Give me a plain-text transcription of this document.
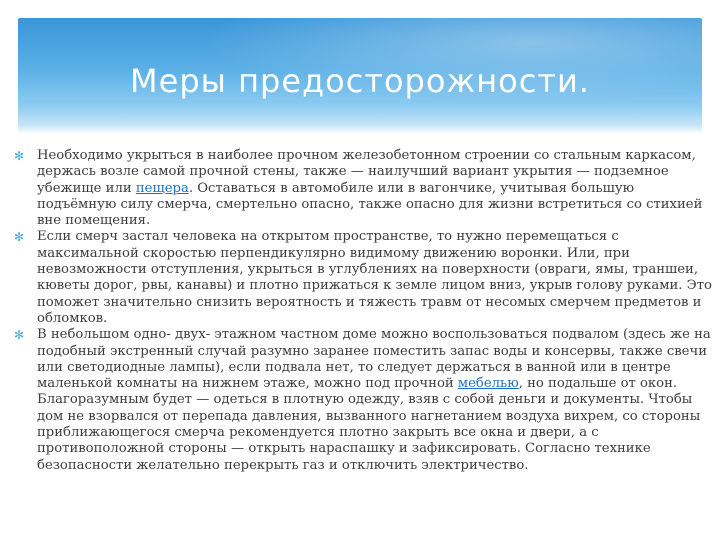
Меры предосторожности.
✻ Необходимо укрыться в наиболее прочном железобетонном строении со стальным каркасом, держась возле самой прочной стены, также — наилучший вариант укрытия — подземное убежище или пещера. Оставаться в автомобиле или в вагончике, учитывая большую подъёмную силу смерча, смертельно опасно, также опасно для жизни встретиться со стихией вне помещения.
✻ Если смерч застал человека на открытом пространстве, то нужно перемещаться с максимальной скоростью перпендикулярно видимому движению воронки. Или, при невозможности отступления, укрыться в углублениях на поверхности (овраги, ямы, траншеи, кюветы дорог, рвы, канавы) и плотно прижаться к земле лицом вниз, укрыв голову руками. Это поможет значительно снизить вероятность и тяжесть травм от несомых смерчем предметов и обломков.
✻ В небольшом одно- двух- этажном частном доме можно воспользоваться подвалом (здесь же на подобный экстренный случай разумно заранее поместить запас воды и консервы, также свечи или светодиодные лампы), если подвала нет, то следует держаться в ванной или в центре маленькой комнаты на нижнем этаже, можно под прочной мебелью, но подальше от окон. Благоразумным будет — одеться в плотную одежду, взяв с собой деньги и документы. Чтобы дом не взорвался от перепада давления, вызванного нагнетанием воздуха вихрем, со стороны приближающегося смерча рекомендуется плотно закрыть все окна и двери, а с противоположной стороны — открыть нараспашку и зафиксировать. Согласно технике безопасности желательно перекрыть газ и отключить электричество.
